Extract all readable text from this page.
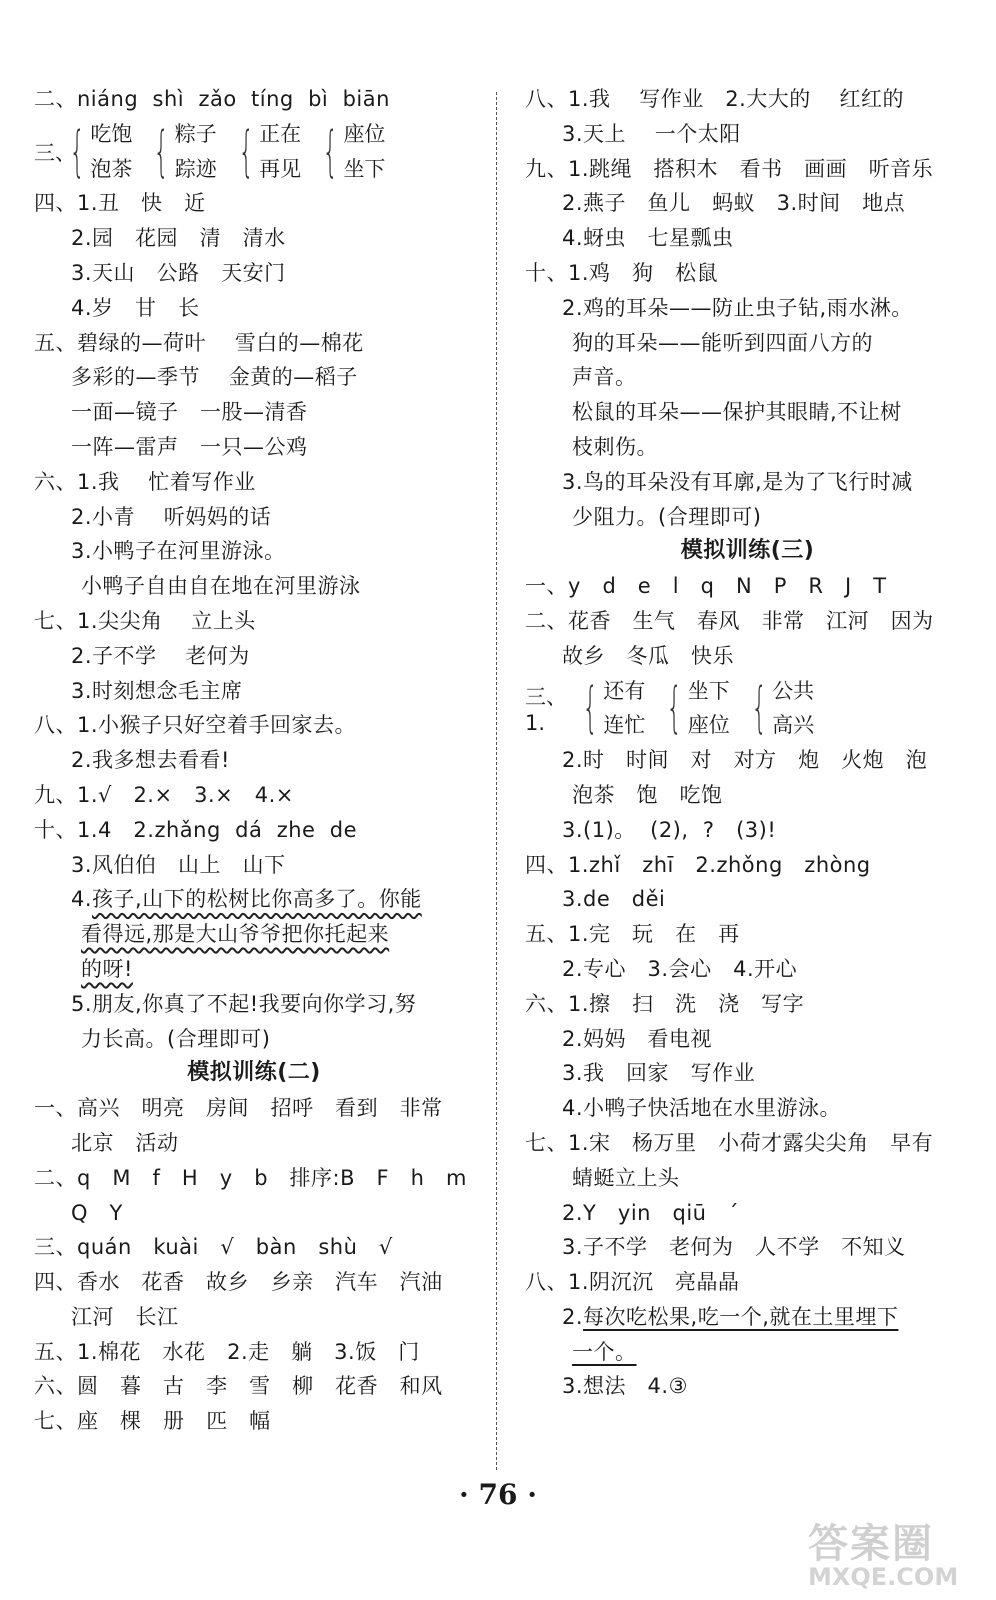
二、niáng  shì  zǎo  tíng  bì  biān
三、
{ 吃饱
泡茶 { 粽子
踪迹 { 正在
再见 { 座位
坐下
四、1.丑   快   近
2.园   花园   清   清水
3.天山   公路   天安门
4.岁   甘   长
五、碧绿的—荷叶    雪白的—棉花
多彩的—季节    金黄的—稻子
一面—镜子   一股—清香
一阵—雷声   一只—公鸡
六、1.我    忙着写作业
2.小青    听妈妈的话
3.小鸭子在河里游泳。
小鸭子自由自在地在河里游泳
七、1.尖尖角    立上头
2.子不学    老何为
3.时刻想念毛主席
八、1.小猴子只好空着手回家去。
2.我多想去看看!
九、1.√   2.×   3.×   4.×
十、1.4   2.zhǎng  dá  zhe  de
3.风伯伯   山上   山下
4.孩子,山下的松树比你高多了。你能
看得远,那是大山爷爷把你托起来
的呀!
5.朋友,你真了不起!我要向你学习,努
力长高。(合理即可)
模拟训练(二)
一、高兴   明亮   房间   招呼   看到   非常
北京   活动
二、q   M   f   H   y   b   排序:B   F   h   m
Q   Y
三、quán   kuài   √   bàn   shù   √
四、香水   花香   故乡   乡亲   汽车   汽油
江河   长江
五、1.棉花   水花   2.走   躺   3.饭   门
六、圆   暮   古   李   雪   柳   花香   和风
七、座   棵   册   匹   幅
八、1.我    写作业   2.大大的    红红的
3.天上    一个太阳
九、1.跳绳   搭积木   看书   画画   听音乐
2.燕子   鱼儿   蚂蚁   3.时间   地点
4.蚜虫   七星瓢虫
十、1.鸡   狗   松鼠
2.鸡的耳朵——防止虫子钻,雨水淋。
狗的耳朵——能听到四面八方的
声音。
松鼠的耳朵——保护其眼睛,不让树
枝刺伤。
3.鸟的耳朵没有耳廓,是为了飞行时减
少阻力。(合理即可)
模拟训练(三)
一、y   d   e   l   q   N   P   R   J   T
二、花香   生气   春风   非常   江河   因为
故乡   冬瓜   快乐
三、1. { 还有
连忙 { 坐下
座位 { 公共
高兴
2.时   时间   对   对方   炮   火炮   泡
泡茶   饱   吃饱
3.(1)。  (2),  ?   (3)!
四、1.zhǐ   zhī   2.zhǒng   zhòng
3.de   děi
五、1.完   玩   在   再
2.专心   3.会心   4.开心
六、1.擦   扫   洗   浇   写字
2.妈妈   看电视
3.我   回家   写作业
4.小鸭子快活地在水里游泳。
七、1.宋   杨万里   小荷才露尖尖角   早有
蜻蜓立上头
2.Y   yin   qiū   ˊ
3.子不学   老何为   人不学   不知义
八、1.阴沉沉   亮晶晶
2.每次吃松果,吃一个,就在土里埋下
一个。
3.想法   4.③
· 76 ·
答案圈
MXQE.COM
